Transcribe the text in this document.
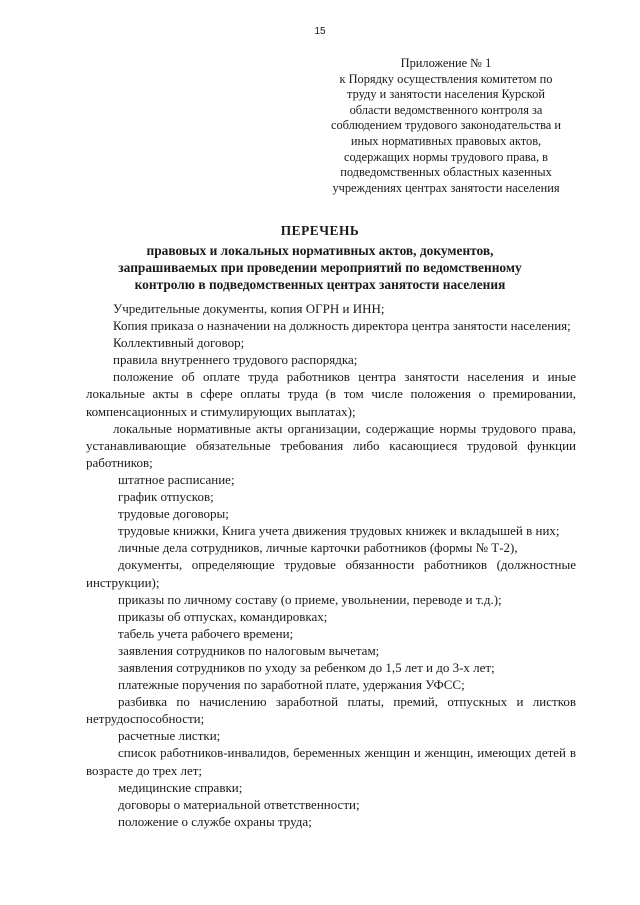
15
Приложение № 1
к Порядку осуществления комитетом по
труду и занятости населения Курской
области ведомственного контроля за
соблюдением трудового законодательства и
иных нормативных правовых актов,
содержащих нормы трудового права, в
подведомственных областных казенных
учреждениях центрах занятости населения
ПЕРЕЧЕНЬ
правовых и локальных нормативных актов, документов,
запрашиваемых при проведении мероприятий по ведомственному
контролю в подведомственных центрах занятости населения
Учредительные документы, копия ОГРН и ИНН;
Копия приказа о назначении на должность директора центра занятости населения;
Коллективный договор;
правила внутреннего трудового распорядка;
положение об оплате труда работников центра занятости населения и иные локальные акты в сфере оплаты труда (в том числе положения о премировании, компенсационных и стимулирующих выплатах);
локальные нормативные акты организации, содержащие нормы трудового права, устанавливающие обязательные требования либо касающиеся трудовой функции работников;
штатное расписание;
график отпусков;
трудовые договоры;
трудовые книжки, Книга учета движения трудовых книжек и вкладышей в них;
личные дела сотрудников, личные карточки работников (формы № Т-2),
документы, определяющие трудовые обязанности работников (должностные инструкции);
приказы по личному составу (о приеме, увольнении, переводе и т.д.);
приказы об отпусках, командировках;
табель учета рабочего времени;
заявления сотрудников по налоговым вычетам;
заявления сотрудников по уходу за ребенком до 1,5 лет и до 3-х лет;
платежные поручения по заработной плате, удержания УФСС;
разбивка по начислению заработной платы, премий, отпускных и листков нетрудоспособности;
расчетные листки;
список работников-инвалидов, беременных женщин и женщин, имеющих детей в возрасте до трех лет;
медицинские справки;
договоры о материальной ответственности;
положение о службе охраны труда;
